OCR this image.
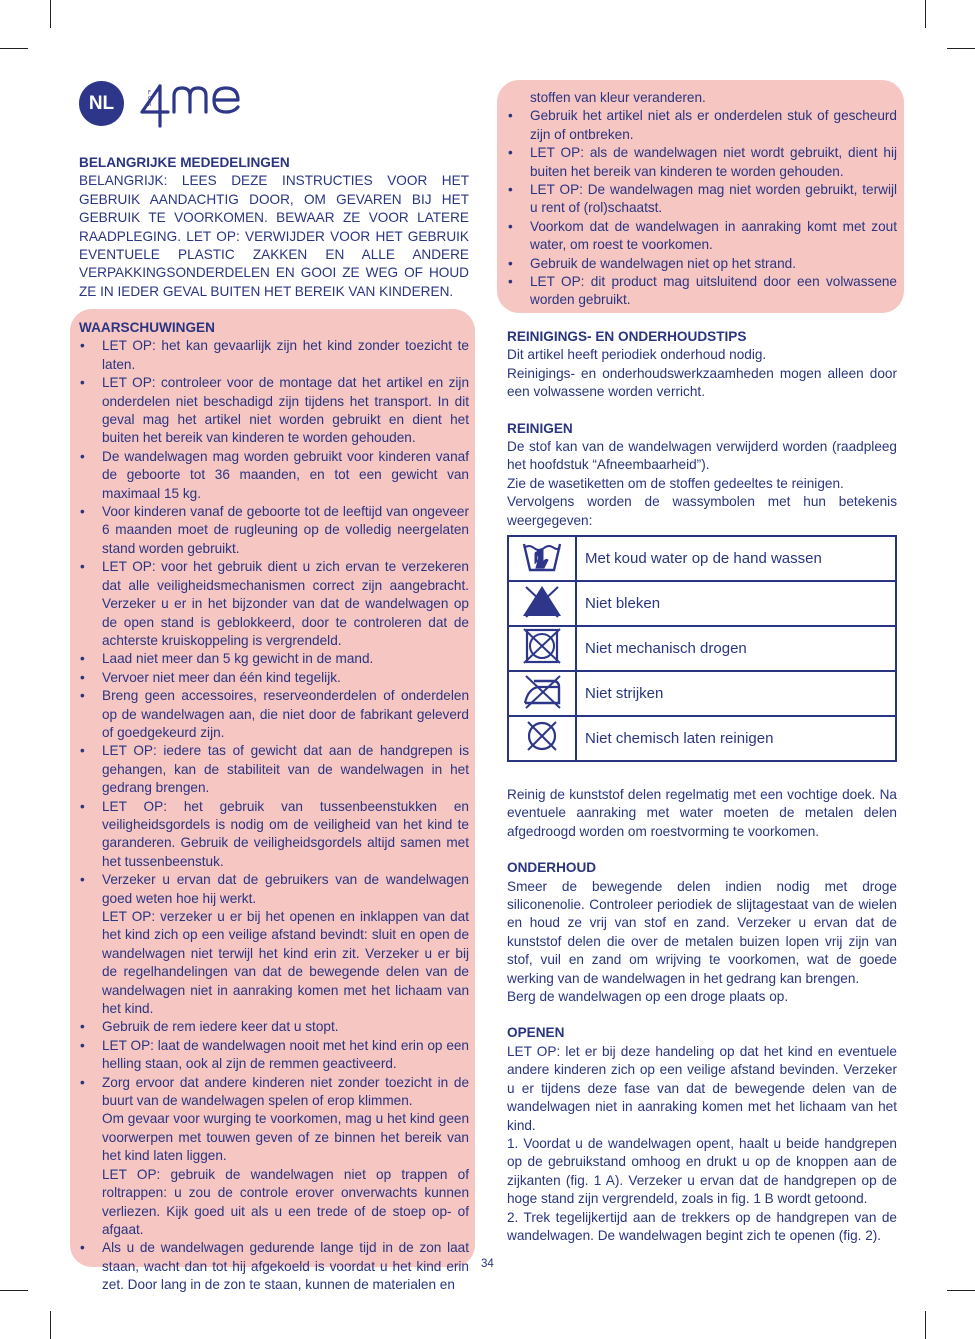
NL	F
O
R
BELANGRIJKE MEDEDELINGEN
BELANGRIJK: LEES DEZE INSTRUCTIES VOOR HET GEBRUIK AANDACHTIG DOOR, OM GEVAREN BIJ HET GEBRUIK TE VOORKOMEN. BEWAAR ZE VOOR LATERE RAADPLEGING. LET OP: VERWIJDER VOOR HET GEBRUIK EVENTUELE PLASTIC ZAKKEN EN ALLE ANDERE VERPAKKINGSONDERDELEN EN GOOI ZE WEG OF HOUD ZE IN IEDER GEVAL BUITEN HET BEREIK VAN KINDEREN.
WAARSCHUWINGEN
• LET OP: het kan gevaarlijk zijn het kind zonder toezicht te laten.
• LET OP: controleer voor de montage dat het artikel en zijn onderdelen niet beschadigd zijn tijdens het transport. In dit geval mag het artikel niet worden gebruikt en dient het buiten het bereik van kinderen te worden gehouden.
• De wandelwagen mag worden gebruikt voor kinderen vanaf de geboorte tot 36 maanden, en tot een gewicht van maximaal 15 kg.
• Voor kinderen vanaf de geboorte tot de leeftijd van ongeveer 6 maanden moet de rugleuning op de volledig neergelaten stand worden gebruikt.
• LET OP: voor het gebruik dient u zich ervan te verzekeren dat alle veiligheidsmechanismen correct zijn aangebracht. Verzeker u er in het bijzonder van dat de wandelwagen op de open stand is geblokkeerd, door te controleren dat de achterste kruiskoppeling is vergrendeld.
• Laad niet meer dan 5 kg gewicht in de mand.
• Vervoer niet meer dan één kind tegelijk.
• Breng geen accessoires, reserveonderdelen of onderdelen op de wandelwagen aan, die niet door de fabrikant geleverd of goedgekeurd zijn.
• LET OP: iedere tas of gewicht dat aan de handgrepen is gehangen, kan de stabiliteit van de wandelwagen in het gedrang brengen.
• LET OP: het gebruik van tussenbeenstukken en veiligheidsgordels is nodig om de veiligheid van het kind te garanderen. Gebruik de veiligheidsgordels altijd samen met het tussenbeenstuk.
• Verzeker u ervan dat de gebruikers van de wandelwagen goed weten hoe hij werkt.
LET OP: verzeker u er bij het openen en inklappen van dat het kind zich op een veilige afstand bevindt: sluit en open de wandelwagen niet terwijl het kind erin zit. Verzeker u er bij de regelhandelingen van dat de bewegende delen van de wandelwagen niet in aanraking komen met het lichaam van het kind.
• Gebruik de rem iedere keer dat u stopt.
• LET OP: laat de wandelwagen nooit met het kind erin op een helling staan, ook al zijn de remmen geactiveerd.
• Zorg ervoor dat andere kinderen niet zonder toezicht in de buurt van de wandelwagen spelen of erop klimmen.
Om gevaar voor wurging te voorkomen, mag u het kind geen voorwerpen met touwen geven of ze binnen het bereik van het kind laten liggen.
LET OP: gebruik de wandelwagen niet op trappen of roltrappen: u zou de controle erover onverwachts kunnen verliezen. Kijk goed uit als u een trede of de stoep op- of afgaat.
• Als u de wandelwagen gedurende lange tijd in de zon laat staan, wacht dan tot hij afgekoeld is voordat u het kind erin zet. Door lang in de zon te staan, kunnen de materialen en
stoffen van kleur veranderen.
• Gebruik het artikel niet als er onderdelen stuk of gescheurd zijn of ontbreken.
• LET OP: als de wandelwagen niet wordt gebruikt, dient hij buiten het bereik van kinderen te worden gehouden.
• LET OP: De wandelwagen mag niet worden gebruikt, terwijl u rent of (rol)schaatst.
• Voorkom dat de wandelwagen in aanraking komt met zout water, om roest te voorkomen.
• Gebruik de wandelwagen niet op het strand.
• LET OP: dit product mag uitsluitend door een volwassene worden gebruikt.
REINIGINGS- EN ONDERHOUDSTIPS

Dit artikel heeft periodiek onderhoud nodig.

Reinigings- en onderhoudswerkzaamheden mogen alleen door een volwassene worden verricht.

REINIGEN

De stof kan van de wandelwagen verwijderd worden (raadpleeg het hoofdstuk “Afneembaarheid”).

Zie de wasetiketten om de stoffen gedeeltes te reinigen.

Vervolgens worden de wassymbolen met hun betekenis weergegeven:

	Met koud water op de hand wassen
	Niet bleken
	Niet mechanisch drogen
	Niet strijken
	Niet chemisch laten reinigen

Reinig de kunststof delen regelmatig met een vochtige doek. Na eventuele aanraking met water moeten de metalen delen afgedroogd worden om roestvorming te voorkomen.

ONDERHOUD

Smeer de bewegende delen indien nodig met droge siliconenolie. Controleer periodiek de slijtagestaat van de wielen en houd ze vrij van stof en zand. Verzeker u ervan dat de kunststof delen die over de metalen buizen lopen vrij zijn van stof, vuil en zand om wrijving te voorkomen, wat de goede werking van de wandelwagen in het gedrang kan brengen.

Berg de wandelwagen op een droge plaats op.

OPENEN

LET OP: let er bij deze handeling op dat het kind en eventuele andere kinderen zich op een veilige afstand bevinden. Verzeker u er tijdens deze fase van dat de bewegende delen van de wandelwagen niet in aanraking komen met het lichaam van het kind.

1. Voordat u de wandelwagen opent, haalt u beide handgrepen op de gebruikstand omhoog en drukt u op de knoppen aan de zijkanten (fig. 1 A). Verzeker u ervan dat de handgrepen op de hoge stand zijn vergrendeld, zoals in fig. 1 B wordt getoond.

2. Trek tegelijkertijd aan de trekkers op de handgrepen van de wandelwagen. De wandelwagen begint zich te openen (fig. 2).

34
